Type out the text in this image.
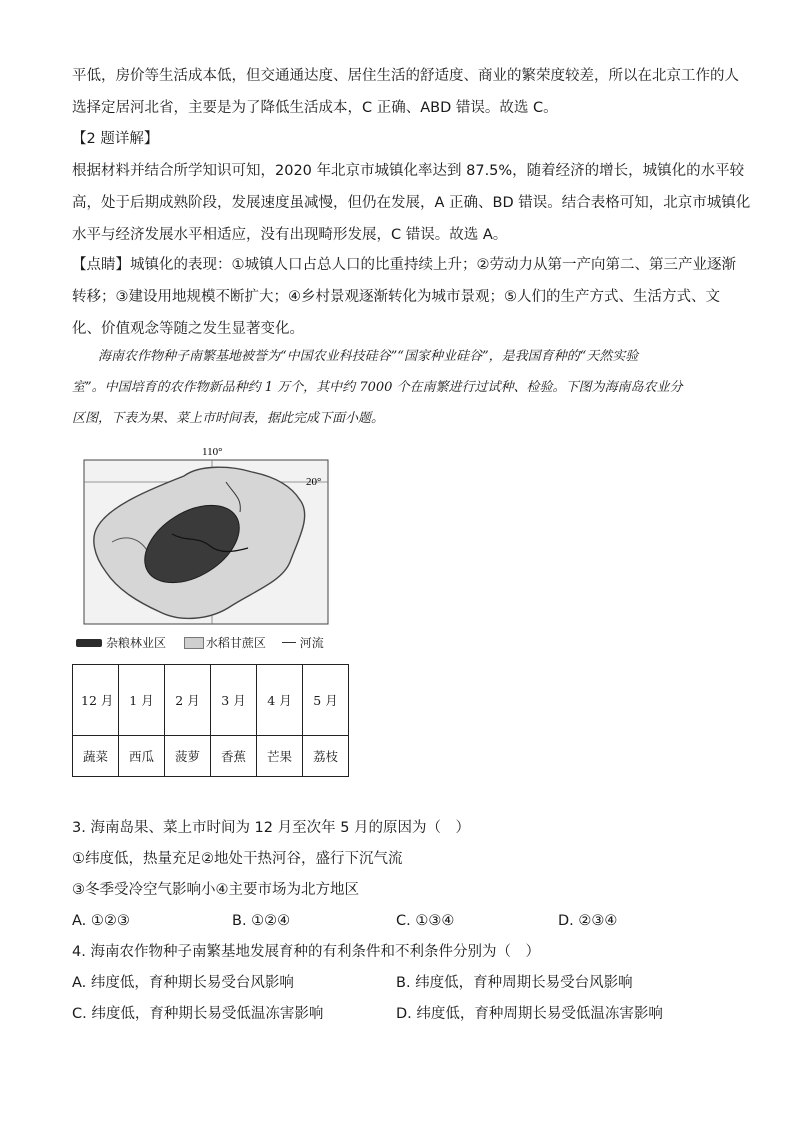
平低，房价等生活成本低，但交通通达度、居住生活的舒适度、商业的繁荣度较差，所以在北京工作的人
选择定居河北省，主要是为了降低生活成本，C 正确、ABD 错误。故选 C。
【2 题详解】
根据材料并结合所学知识可知，2020 年北京市城镇化率达到 87.5%，随着经济的增长，城镇化的水平较
高，处于后期成熟阶段，发展速度虽减慢，但仍在发展，A 正确、BD 错误。结合表格可知，北京市城镇化
水平与经济发展水平相适应，没有出现畸形发展，C 错误。故选 A。
【点睛】城镇化的表现：①城镇人口占总人口的比重持续上升；②劳动力从第一产向第二、第三产业逐渐
转移；③建设用地规模不断扩大；④乡村景观逐渐转化为城市景观；⑤人们的生产方式、生活方式、文
化、价值观念等随之发生显著变化。
　　海南农作物种子南繁基地被誉为“中国农业科技硅谷”“国家种业硅谷”，是我国育种的“天然实验
室”。中国培育的农作物新品种约 1 万个，其中约 7000 个在南繁进行过试种、检验。下图为海南岛农业分
区图，下表为果、菜上市时间表，据此完成下面小题。
110°
20°
杂粮林业区	水稻甘蔗区	河流
12 月	1 月	2 月	3 月	4 月	5 月
蔬菜	西瓜	菠萝	香蕉	芒果	荔枝
3. 海南岛果、菜上市时间为 12 月至次年 5 月的原因为（　）
①纬度低，热量充足②地处干热河谷，盛行下沉气流
③冬季受冷空气影响小④主要市场为北方地区
A. ①②③	B. ①②④	C. ①③④	D. ②③④
4. 海南农作物种子南繁基地发展育种的有利条件和不利条件分别为（　）
A. 纬度低，育种期长易受台风影响	B. 纬度低，育种周期长易受台风影响
C. 纬度低，育种期长易受低温冻害影响	D. 纬度低，育种周期长易受低温冻害影响
